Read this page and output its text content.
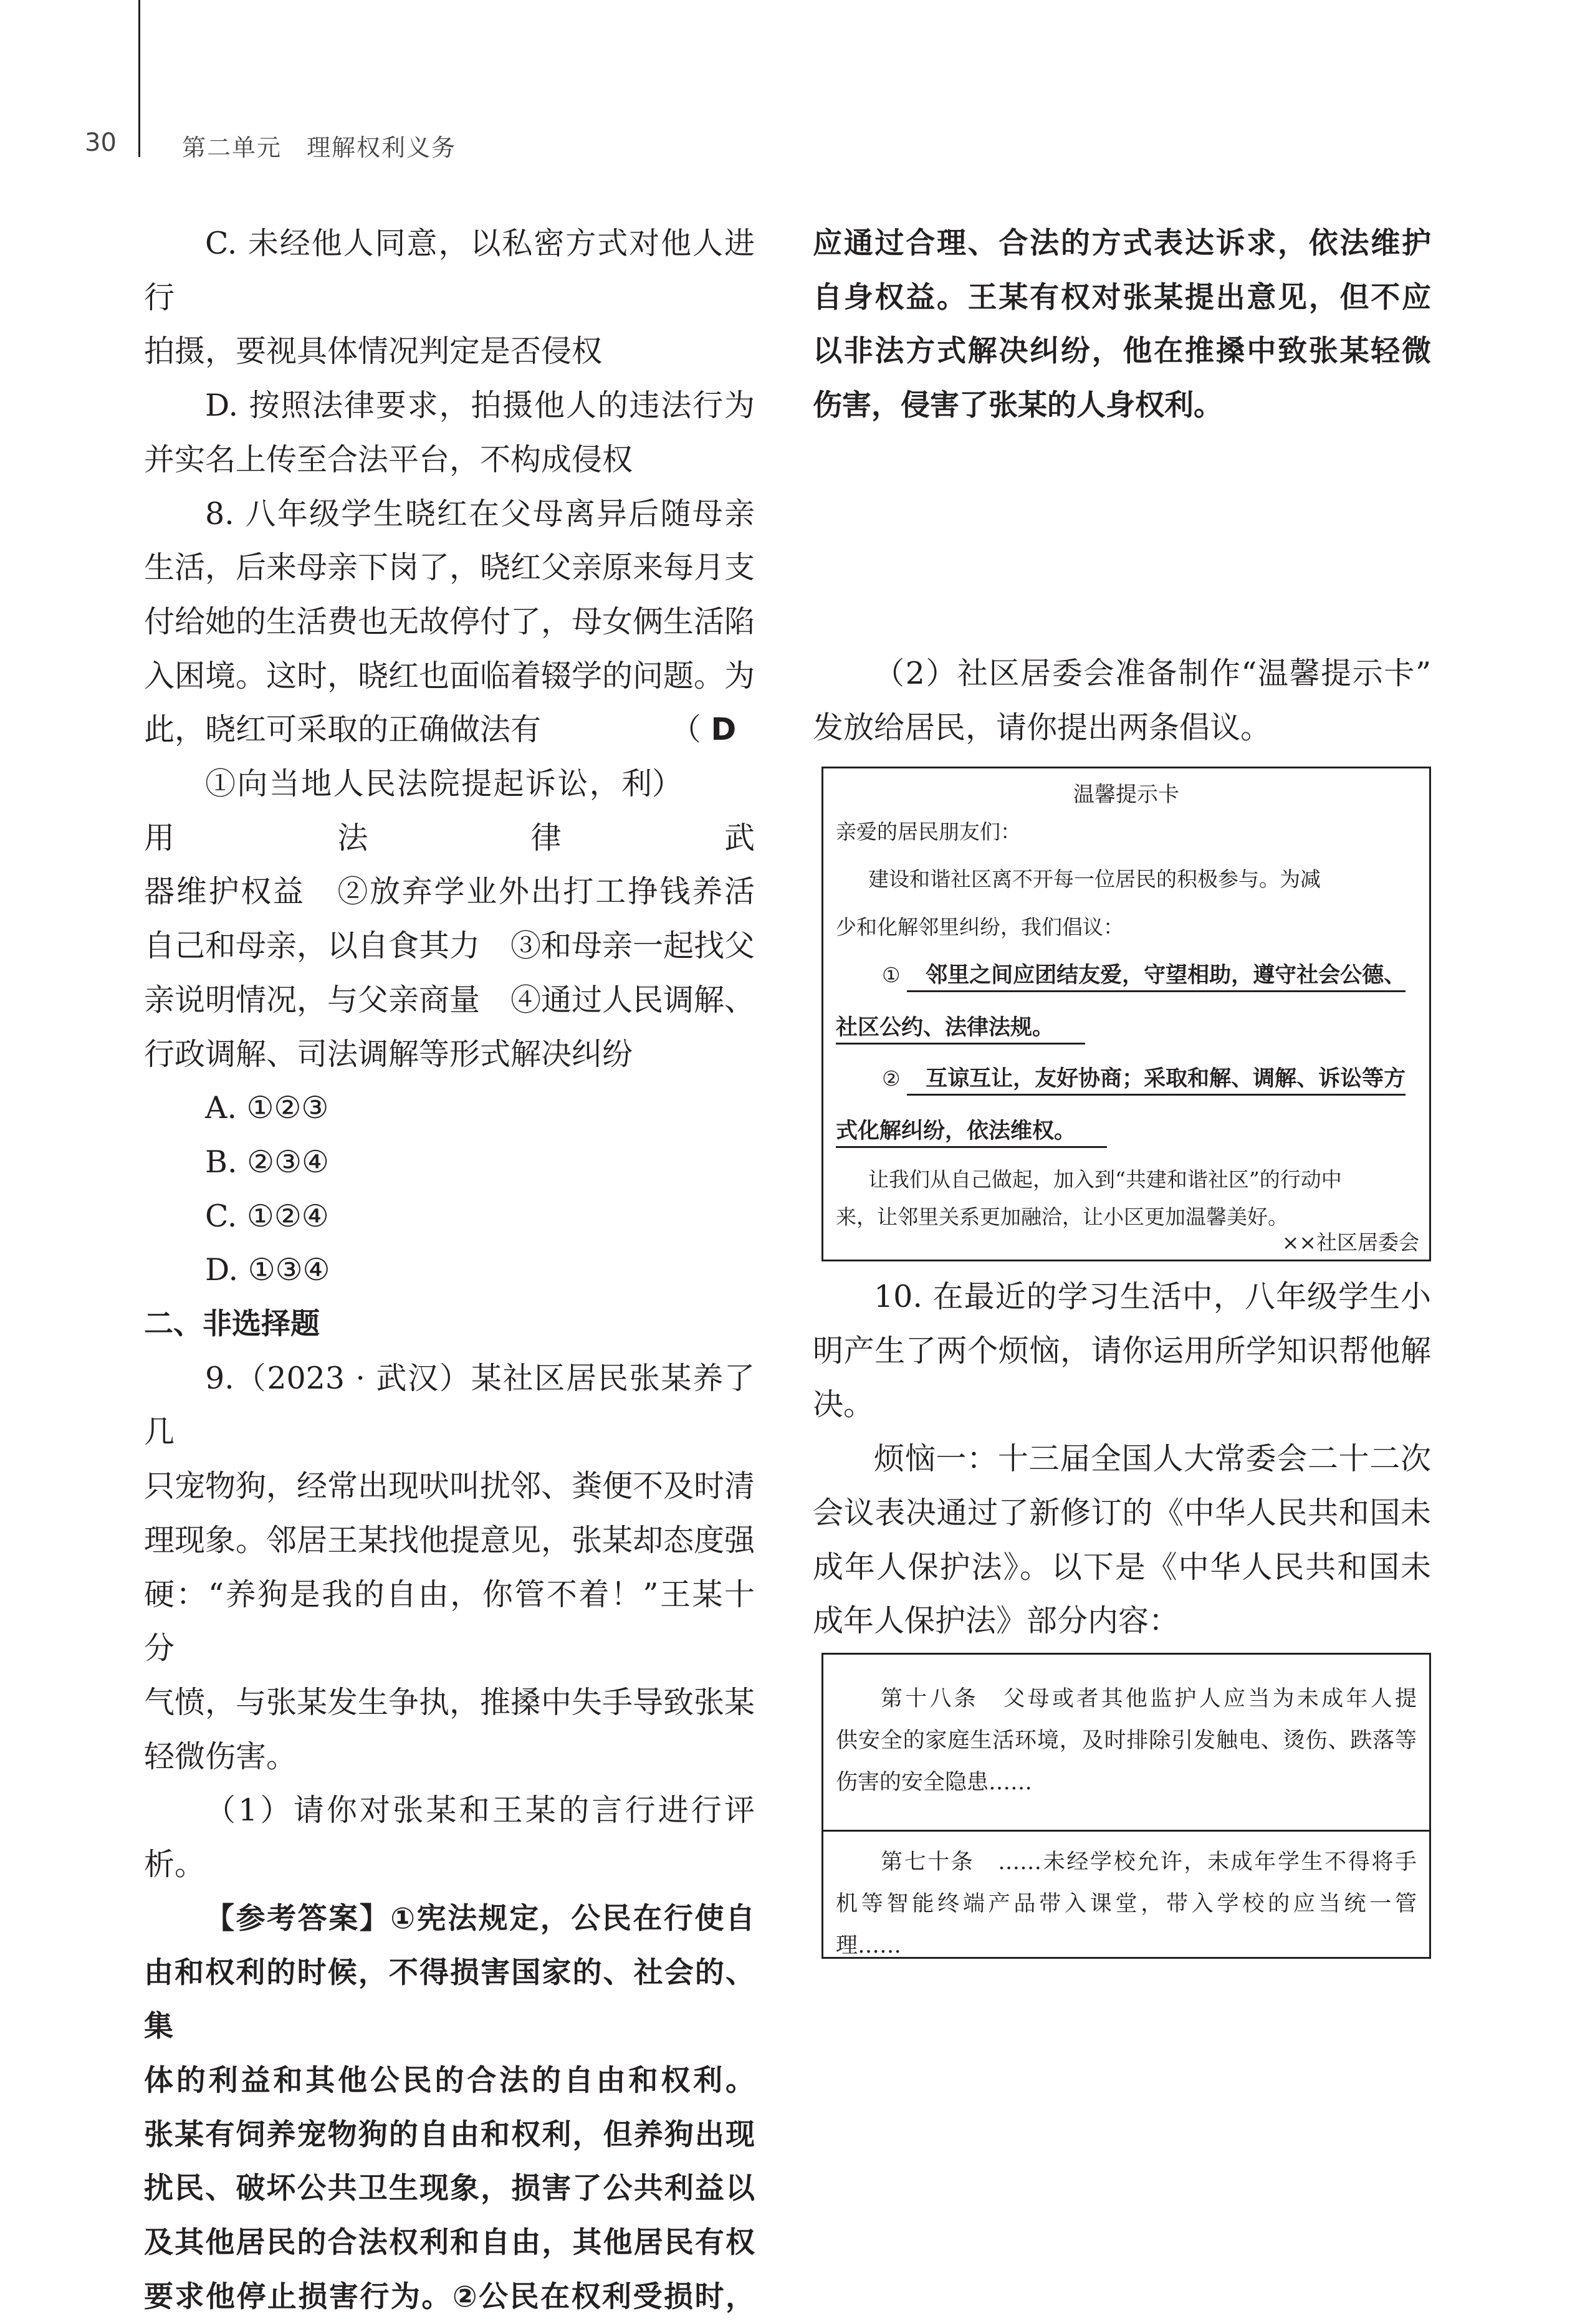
30	第二单元 理解权利义务

C. 未经他人同意，以私密方式对他人进行

拍摄，要视具体情况判定是否侵权

D. 按照法律要求，拍摄他人的违法行为

并实名上传至合法平台，不构成侵权

8. 八年级学生晓红在父母离异后随母亲

生活，后来母亲下岗了，晓红父亲原来每月支

付给她的生活费也无故停付了，母女俩生活陷

入困境。这时，晓红也面临着辍学的问题。为

此，晓红可采取的正确做法有	（ D ）

①向当地人民法院提起诉讼，利用法律武

器维护权益　②放弃学业外出打工挣钱养活

自己和母亲，以自食其力　③和母亲一起找父

亲说明情况，与父亲商量　④通过人民调解、

行政调解、司法调解等形式解决纠纷

A. ①②③
B. ②③④
C. ①②④
D. ①③④
二、非选择题

9.（2023 · 武汉）某社区居民张某养了几

只宠物狗，经常出现吠叫扰邻、粪便不及时清

理现象。邻居王某找他提意见，张某却态度强

硬：“养狗是我的自由，你管不着！”王某十分

气愤，与张某发生争执，推搡中失手导致张某

轻微伤害。

（1）请你对张某和王某的言行进行评析。

【参考答案】①宪法规定，公民在行使自

由和权利的时候，不得损害国家的、社会的、集

体的利益和其他公民的合法的自由和权利。

张某有饲养宠物狗的自由和权利，但养狗出现

扰民、破坏公共卫生现象，损害了公共利益以

及其他居民的合法权利和自由，其他居民有权

要求他停止损害行为。②公民在权利受损时，

应通过合理、合法的方式表达诉求，依法维护

自身权益。王某有权对张某提出意见，但不应

以非法方式解决纠纷，他在推搡中致张某轻微

伤害，侵害了张某的人身权利。

（2）社区居委会准备制作“温馨提示卡”

发放给居民，请你提出两条倡议。

温馨提示卡
亲爱的居民朋友们：
建设和谐社区离不开每一位居民的积极参与。为减
少和化解邻里纠纷，我们倡议：
① 邻里之间应团结友爱，守望相助，遵守社会公德、
社区公约、法律法规。
② 互谅互让，友好协商；采取和解、调解、诉讼等方
式化解纠纷，依法维权。
让我们从自己做起，加入到“共建和谐社区”的行动中
来，让邻里关系更加融洽，让小区更加温馨美好。
××社区居委会

10. 在最近的学习生活中，八年级学生小

明产生了两个烦恼，请你运用所学知识帮他解

决。

烦恼一：十三届全国人大常委会二十二次

会议表决通过了新修订的《中华人民共和国未

成年人保护法》。以下是《中华人民共和国未

成年人保护法》部分内容：

第十八条　父母或者其他监护人应当为未成年人提

供安全的家庭生活环境，及时排除引发触电、烫伤、跌落等

伤害的安全隐患……

第七十条　……未经学校允许，未成年学生不得将手

机等智能终端产品带入课堂，带入学校的应当统一管

理……
